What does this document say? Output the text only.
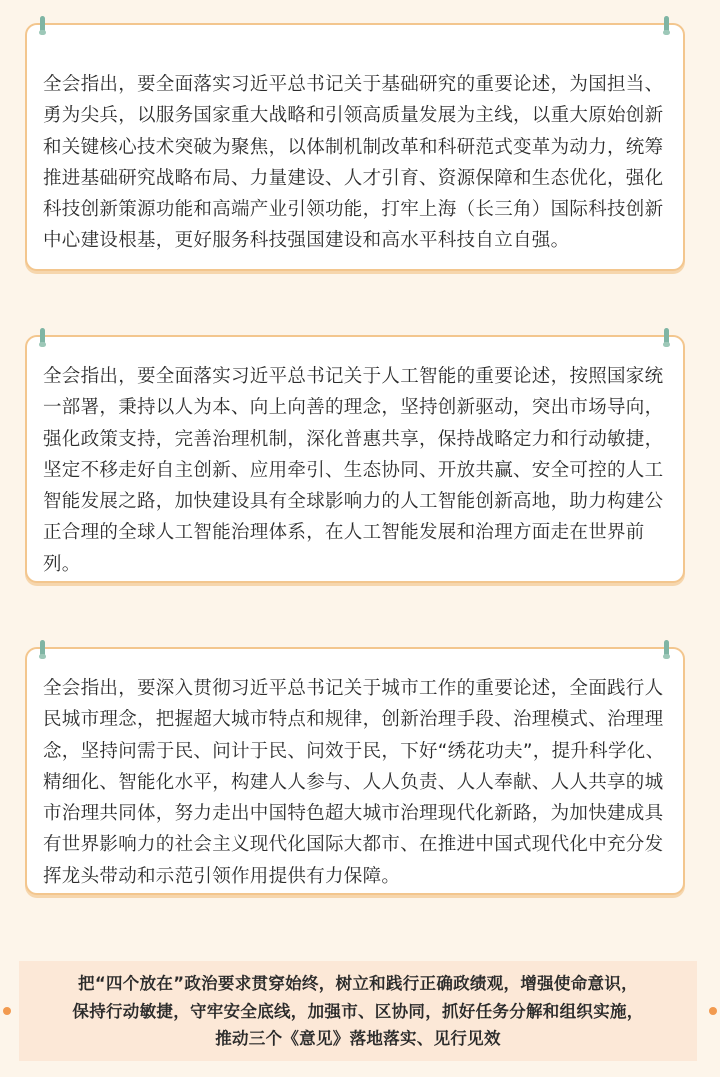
全会指出，要全面落实习近平总书记关于基础研究的重要论述，为国担当、勇为尖兵，以服务国家重大战略和引领高质量发展为主线，以重大原始创新和关键核心技术突破为聚焦，以体制机制改革和科研范式变革为动力，统筹推进基础研究战略布局、力量建设、人才引育、资源保障和生态优化，强化科技创新策源功能和高端产业引领功能，打牢上海（长三角）国际科技创新中心建设根基，更好服务科技强国建设和高水平科技自立自强。

全会指出，要全面落实习近平总书记关于人工智能的重要论述，按照国家统一部署，秉持以人为本、向上向善的理念，坚持创新驱动，突出市场导向，强化政策支持，完善治理机制，深化普惠共享，保持战略定力和行动敏捷，坚定不移走好自主创新、应用牵引、生态协同、开放共赢、安全可控的人工智能发展之路，加快建设具有全球影响力的人工智能创新高地，助力构建公正合理的全球人工智能治理体系，在人工智能发展和治理方面走在世界前列。

全会指出，要深入贯彻习近平总书记关于城市工作的重要论述，全面践行人民城市理念，把握超大城市特点和规律，创新治理手段、治理模式、治理理念，坚持问需于民、问计于民、问效于民，下好“绣花功夫”，提升科学化、精细化、智能化水平，构建人人参与、人人负责、人人奉献、人人共享的城市治理共同体，努力走出中国特色超大城市治理现代化新路，为加快建成具有世界影响力的社会主义现代化国际大都市、在推进中国式现代化中充分发挥龙头带动和示范引领作用提供有力保障。

把“四个放在”政治要求贯穿始终，树立和践行正确政绩观，增强使命意识，
保持行动敏捷，守牢安全底线，加强市、区协同，抓好任务分解和组织实施，
推动三个《意见》落地落实、见行见效
